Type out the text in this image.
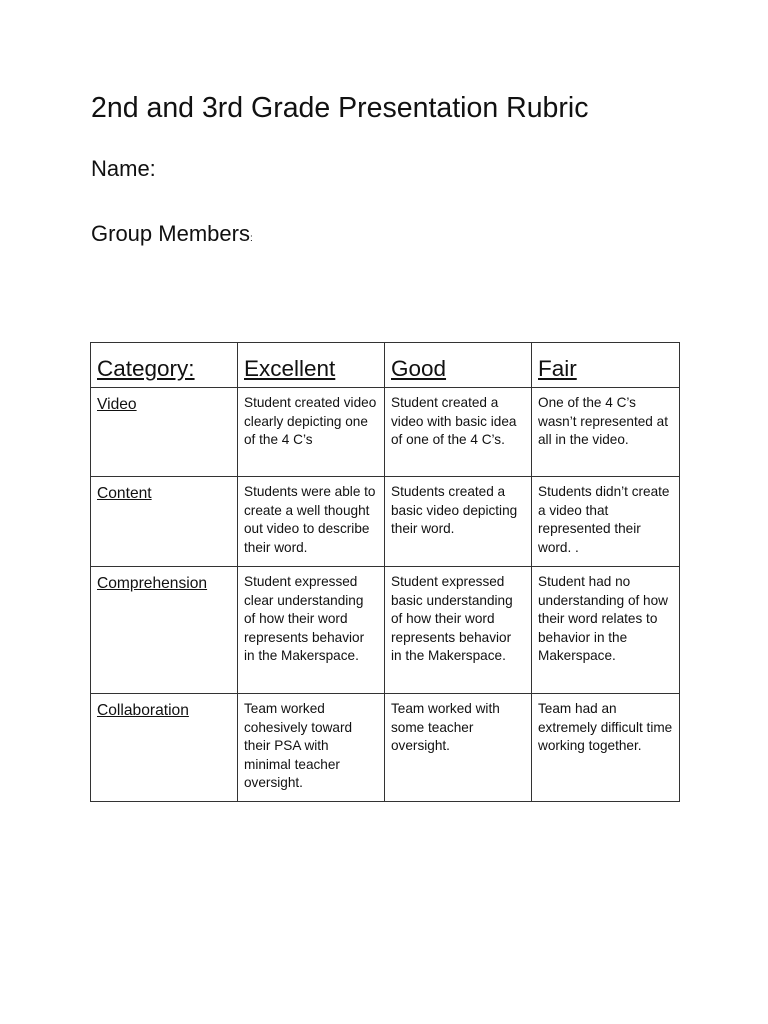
2nd and 3rd Grade Presentation Rubric
Name:
Group Members:
Category:	Excellent	Good	Fair
Video	Student created video clearly depicting one of the 4 C’s	Student created a video with basic idea of one of the 4 C’s.	One of the 4 C’s wasn’t represented at all in the video.
Content	Students were able to create a well thought out video to describe their word.	Students created a basic video depicting their word.	Students didn’t create a video that represented their word. .
Comprehension	Student expressed clear understanding of how their word represents behavior in the Makerspace.	Student expressed basic understanding of how their word represents behavior in the Makerspace.	Student had no understanding of how their word relates to behavior in the Makerspace.
Collaboration	Team worked cohesively toward their PSA with minimal teacher oversight.	Team worked with some teacher oversight.	Team had an extremely difficult time working together.
